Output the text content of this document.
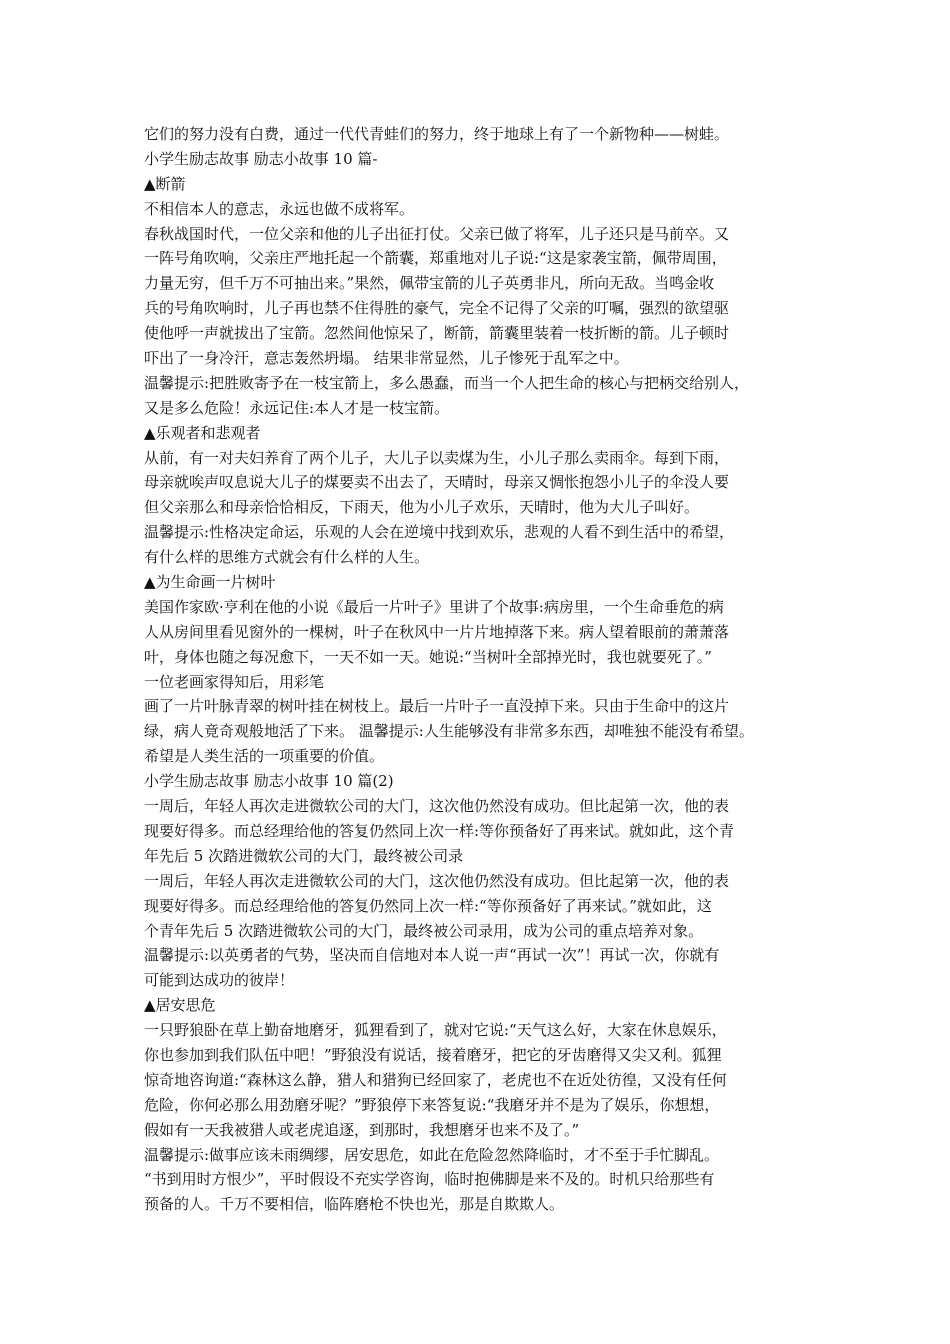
它们的努力没有白费，通过一代代青蛙们的努力，终于地球上有了一个新物种——树蛙。
小学生励志故事 励志小故事 10 篇-
▲断箭
不相信本人的意志，永远也做不成将军。
春秋战国时代，一位父亲和他的儿子出征打仗。父亲已做了将军，儿子还只是马前卒。又
一阵号角吹响，父亲庄严地托起一个箭囊，郑重地对儿子说:“这是家袭宝箭，佩带周围，
力量无穷，但千万不可抽出来。”果然，佩带宝箭的儿子英勇非凡，所向无敌。当鸣金收
兵的号角吹响时，儿子再也禁不住得胜的豪气，完全不记得了父亲的叮嘱，强烈的欲望驱
使他呼一声就拔出了宝箭。忽然间他惊呆了，断箭，箭囊里装着一枝折断的箭。儿子顿时
吓出了一身冷汗，意志轰然坍塌。 结果非常显然，儿子惨死于乱军之中。
温馨提示:把胜败寄予在一枝宝箭上，多么愚蠢，而当一个人把生命的核心与把柄交给别人，
又是多么危险！永远记住:本人才是一枝宝箭。
▲乐观者和悲观者
从前，有一对夫妇养育了两个儿子，大儿子以卖煤为生，小儿子那么卖雨伞。每到下雨，
母亲就唉声叹息说大儿子的煤要卖不出去了，天晴时，母亲又惆怅抱怨小儿子的伞没人要
但父亲那么和母亲恰恰相反，下雨天，他为小儿子欢乐，天晴时，他为大儿子叫好。
温馨提示:性格决定命运，乐观的人会在逆境中找到欢乐，悲观的人看不到生活中的希望，
有什么样的思维方式就会有什么样的人生。
▲为生命画一片树叶
美国作家欧·亨利在他的小说《最后一片叶子》里讲了个故事:病房里，一个生命垂危的病
人从房间里看见窗外的一棵树，叶子在秋风中一片片地掉落下来。病人望着眼前的萧萧落
叶，身体也随之每况愈下，一天不如一天。她说:“当树叶全部掉光时，我也就要死了。”
一位老画家得知后，用彩笔
画了一片叶脉青翠的树叶挂在树枝上。最后一片叶子一直没掉下来。只由于生命中的这片
绿，病人竟奇观般地活了下来。 温馨提示:人生能够没有非常多东西，却唯独不能没有希望。
希望是人类生活的一项重要的价值。
小学生励志故事 励志小故事 10 篇(2)
一周后，年轻人再次走进微软公司的大门，这次他仍然没有成功。但比起第一次，他的表
现要好得多。而总经理给他的答复仍然同上次一样:等你预备好了再来试。就如此，这个青
年先后 5 次踏进微软公司的大门，最终被公司录
一周后，年轻人再次走进微软公司的大门，这次他仍然没有成功。但比起第一次，他的表
现要好得多。而总经理给他的答复仍然同上次一样:“等你预备好了再来试。”就如此，这
个青年先后 5 次踏进微软公司的大门，最终被公司录用，成为公司的重点培养对象。
温馨提示:以英勇者的气势，坚决而自信地对本人说一声“再试一次”！再试一次，你就有
可能到达成功的彼岸！
▲居安思危
一只野狼卧在草上勤奋地磨牙，狐狸看到了，就对它说:“天气这么好，大家在休息娱乐，
你也参加到我们队伍中吧！”野狼没有说话，接着磨牙，把它的牙齿磨得又尖又利。狐狸
惊奇地咨询道:“森林这么静，猎人和猎狗已经回家了，老虎也不在近处彷徨，又没有任何
危险，你何必那么用劲磨牙呢？”野狼停下来答复说:“我磨牙并不是为了娱乐，你想想，
假如有一天我被猎人或老虎追逐，到那时，我想磨牙也来不及了。”
温馨提示:做事应该未雨绸缪，居安思危，如此在危险忽然降临时，才不至于手忙脚乱。
“书到用时方恨少”，平时假设不充实学咨询，临时抱佛脚是来不及的。时机只给那些有
预备的人。千万不要相信，临阵磨枪不快也光，那是自欺欺人。
